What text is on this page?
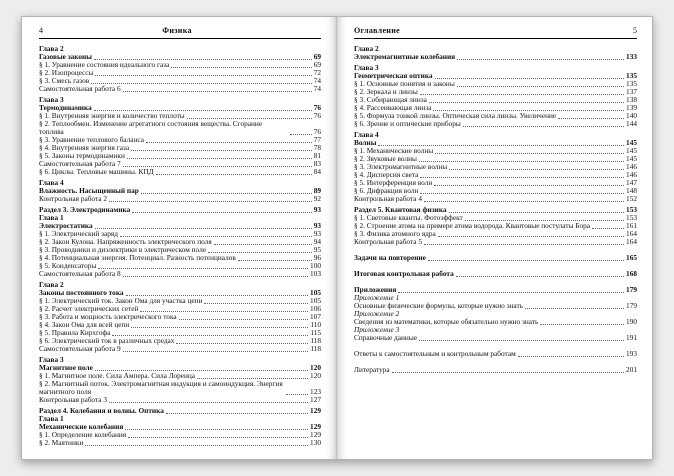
4	Физика
Глава 2
Газовые законы	69
§ 1. Уравнение состояния идеального газа	69
§ 2. Изопроцессы	72
§ 3. Смесь газов	74
Самостоятельная работа 6	74
Глава 3
Термодинамика	76
§ 1. Внутренняя энергия и количество теплоты	76
§ 2. Теплообмен. Изменение агрегатного состояния вещества. Сгорание топлива	76
§ 3. Уравнение теплового баланса	77
§ 4. Внутренняя энергия газа	78
§ 5. Законы термодинамики	81
Самостоятельная работа 7	83
§ 6. Циклы. Тепловые машины. КПД	84
Глава 4
Влажность. Насыщенный пар	89
Контрольная работа 2	92
Раздел 3. Электродинамика	93
Глава 1
Электростатика	93
§ 1. Электрический заряд	93
§ 2. Закон Кулона. Напряженность электрического поля	94
§ 3. Проводники и диэлектрики в электрическом поле	95
§ 4. Потенциальная энергия. Потенциал. Разность потенциалов	96
§ 5. Конденсаторы	100
Самостоятельная работа 8	103
Глава 2
Законы постоянного тока	105
§ 1. Электрический ток. Закон Ома для участка цепи	105
§ 2. Расчет электрических сетей	106
§ 3. Работа и мощность электрического тока	107
§ 4. Закон Ома для всей цепи	110
§ 5. Правила Кирхгофа	115
§ 6. Электрический ток в различных средах	118
Самостоятельная работа 9	118
Глава 3
Магнитное поле	120
§ 1. Магнитное поле. Сила Ампера. Сила Лоренца	120
§ 2. Магнитный поток. Электромагнитная индукция и самоиндукция. Энергия магнитного поля	123
Контрольная работа 3	127
Раздел 4. Колебания и волны. Оптика	129
Глава 1
Механические колебания	129
§ 1. Определение колебания	129
§ 2. Маятники	130
Оглавление	5
Глава 2
Электромагнитные колебания	133
Глава 3
Геометрическая оптика	135
§ 1. Основные понятия и законы	135
§ 2. Зеркала и линзы	137
§ 3. Собирающая линза	138
§ 4. Рассеивающая линза	139
§ 5. Формула тонкой линзы. Оптическая сила линзы. Увеличение	140
§ 6. Зрение и оптические приборы	144
Глава 4
Волны	145
§ 1. Механические волны	145
§ 2. Звуковые волны	145
§ 3. Электромагнитные волны	146
§ 4. Дисперсия света	146
§ 5. Интерференция волн	147
§ 6. Дифракция волн	148
Контрольная работа 4	152
Раздел 5. Квантовая физика	153
§ 1. Световые кванты. Фотоэффект	153
§ 2. Строение атома на примере атома водорода. Квантовые постулаты Бора	161
§ 3. Физика атомного ядра	164
Контрольная работа 5	164
Задачи на повторение	165
Итоговая контрольная работа	168
Приложения	179
Приложение 1
Основные физические формулы, которые нужно знать	179
Приложение 2
Сведения из математики, которые обязательно нужно знать	190
Приложение 3
Справочные данные	191
Ответы к самостоятельным и контрольным работам	193
Литература	201
